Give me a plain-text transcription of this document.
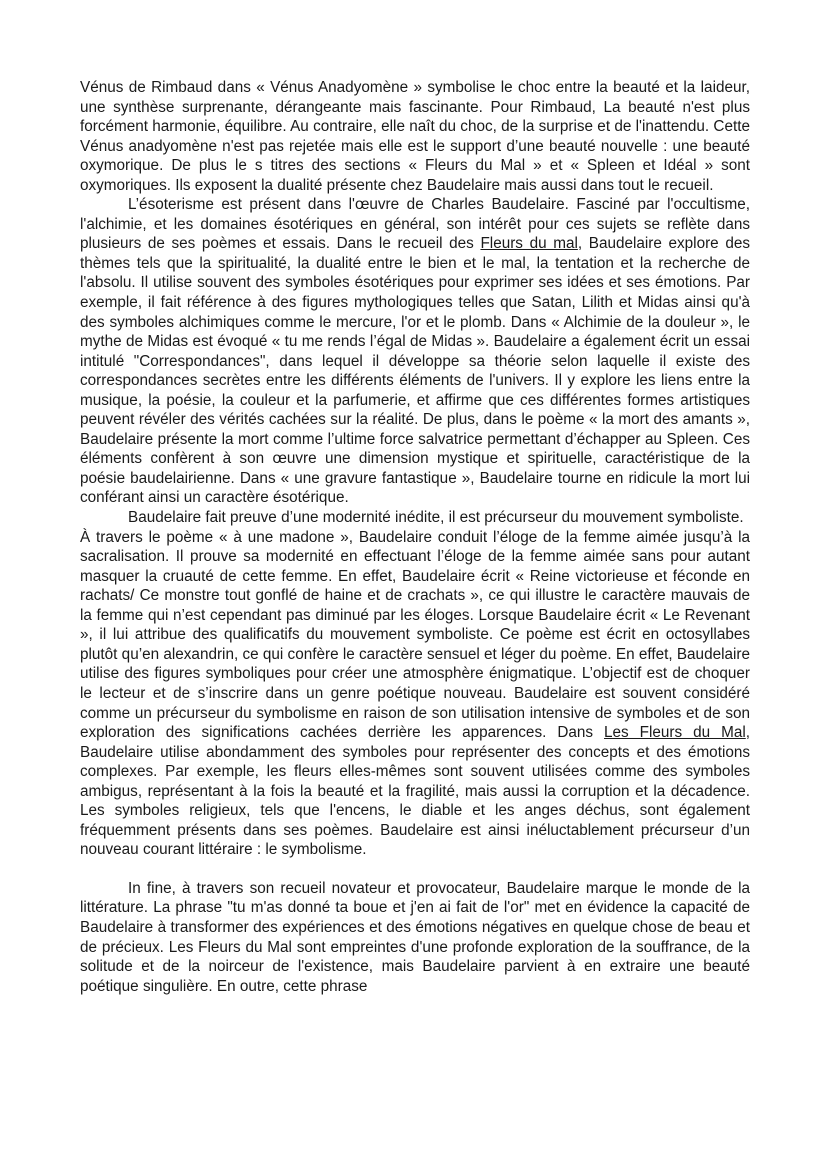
Vénus de Rimbaud dans « Vénus Anadyomène » symbolise le choc entre la beauté et la laideur, une synthèse surprenante, dérangeante mais fascinante. Pour Rimbaud, La beauté n'est plus forcément harmonie, équilibre. Au contraire, elle naît du choc, de la surprise et de l'inattendu. Cette Vénus anadyomène n'est pas rejetée mais elle est le support d’une beauté nouvelle : une beauté oxymorique. De plus le s titres des sections « Fleurs du Mal » et « Spleen et Idéal » sont oxymoriques. Ils exposent la dualité présente chez Baudelaire mais aussi dans tout le recueil.

L’ésoterisme est présent dans l'œuvre de Charles Baudelaire. Fasciné par l'occultisme, l'alchimie, et les domaines ésotériques en général, son intérêt pour ces sujets se reflète dans plusieurs de ses poèmes et essais. Dans le recueil des Fleurs du mal, Baudelaire explore des thèmes tels que la spiritualité, la dualité entre le bien et le mal, la tentation et la recherche de l'absolu. Il utilise souvent des symboles ésotériques pour exprimer ses idées et ses émotions. Par exemple, il fait référence à des figures mythologiques telles que Satan, Lilith et Midas ainsi qu'à des symboles alchimiques comme le mercure, l'or et le plomb. Dans « Alchimie de la douleur », le mythe de Midas est évoqué « tu me rends l’égal de Midas ». Baudelaire a également écrit un essai intitulé "Correspondances", dans lequel il développe sa théorie selon laquelle il existe des correspondances secrètes entre les différents éléments de l'univers. Il y explore les liens entre la musique, la poésie, la couleur et la parfumerie, et affirme que ces différentes formes artistiques peuvent révéler des vérités cachées sur la réalité. De plus, dans le poème « la mort des amants », Baudelaire présente la mort comme l’ultime force salvatrice permettant d’échapper au Spleen. Ces éléments confèrent à son œuvre une dimension mystique et spirituelle, caractéristique de la poésie baudelairienne. Dans « une gravure fantastique », Baudelaire tourne en ridicule la mort lui conférant ainsi un caractère ésotérique.

Baudelaire fait preuve d’une modernité inédite, il est précurseur du mouvement symboliste.

À travers le poème « à une madone », Baudelaire conduit l’éloge de la femme aimée jusqu’à la sacralisation. Il prouve sa modernité en effectuant l’éloge de la femme aimée sans pour autant masquer la cruauté de cette femme. En effet, Baudelaire écrit « Reine victorieuse et féconde en rachats/ Ce monstre tout gonflé de haine et de crachats », ce qui illustre le caractère mauvais de la femme qui n’est cependant pas diminué par les éloges. Lorsque Baudelaire écrit « Le Revenant », il lui attribue des qualificatifs du mouvement symboliste. Ce poème est écrit en octosyllabes plutôt qu’en alexandrin, ce qui confère le caractère sensuel et léger du poème. En effet, Baudelaire utilise des figures symboliques pour créer une atmosphère énigmatique. L’objectif est de choquer le lecteur et de s’inscrire dans un genre poétique nouveau. Baudelaire est souvent considéré comme un précurseur du symbolisme en raison de son utilisation intensive de symboles et de son exploration des significations cachées derrière les apparences. Dans Les Fleurs du Mal, Baudelaire utilise abondamment des symboles pour représenter des concepts et des émotions complexes. Par exemple, les fleurs elles-mêmes sont souvent utilisées comme des symboles ambigus, représentant à la fois la beauté et la fragilité, mais aussi la corruption et la décadence. Les symboles religieux, tels que l'encens, le diable et les anges déchus, sont également fréquemment présents dans ses poèmes. Baudelaire est ainsi inéluctablement précurseur d’un nouveau courant littéraire : le symbolisme.

In fine, à travers son recueil novateur et provocateur, Baudelaire marque le monde de la littérature. La phrase "tu m'as donné ta boue et j'en ai fait de l'or" met en évidence la capacité de Baudelaire à transformer des expériences et des émotions négatives en quelque chose de beau et de précieux. Les Fleurs du Mal sont empreintes d'une profonde exploration de la souffrance, de la solitude et de la noirceur de l'existence, mais Baudelaire parvient à en extraire une beauté poétique singulière. En outre, cette phrase
